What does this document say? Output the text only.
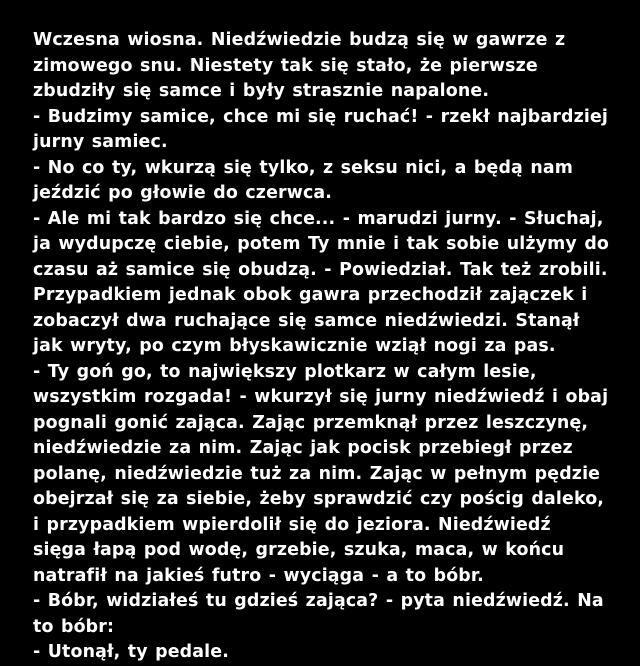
Wczesna wiosna. Niedźwiedzie budzą się w gawrze z zimowego snu. Niestety tak się stało, że pierwsze zbudziły się samce i były strasznie napalone.

- Budzimy samice, chce mi się ruchać! - rzekł najbardziej jurny samiec.

- No co ty, wkurzą się tylko, z seksu nici, a będą nam jeździć po głowie do czerwca.

- Ale mi tak bardzo się chce... - marudzi jurny. - Słuchaj, ja wydupczę ciebie, potem Ty mnie i tak sobie ulżymy do czasu aż samice się obudzą. - Powiedział. Tak też zrobili.

Przypadkiem jednak obok gawra przechodził zajączek i zobaczył dwa ruchające się samce niedźwiedzi. Stanął jak wryty, po czym błyskawicznie wziął nogi za pas.

- Ty goń go, to największy plotkarz w całym lesie, wszystkim rozgada! - wkurzył się jurny niedźwiedź i obaj pognali gonić zająca. Zając przemknął przez leszczynę, niedźwiedzie za nim. Zając jak pocisk przebiegł przez polanę, niedźwiedzie tuż za nim. Zając w pełnym pędzie obejrzał się za siebie, żeby sprawdzić czy pościg daleko, i przypadkiem wpierdolił się do jeziora. Niedźwiedź sięga łapą pod wodę, grzebie, szuka, maca, w końcu natrafił na jakieś futro - wyciąga - a to bóbr.

- Bóbr, widziałeś tu gdzieś zająca? - pyta niedźwiedź. Na to bóbr:

- Utonął, ty pedale.
